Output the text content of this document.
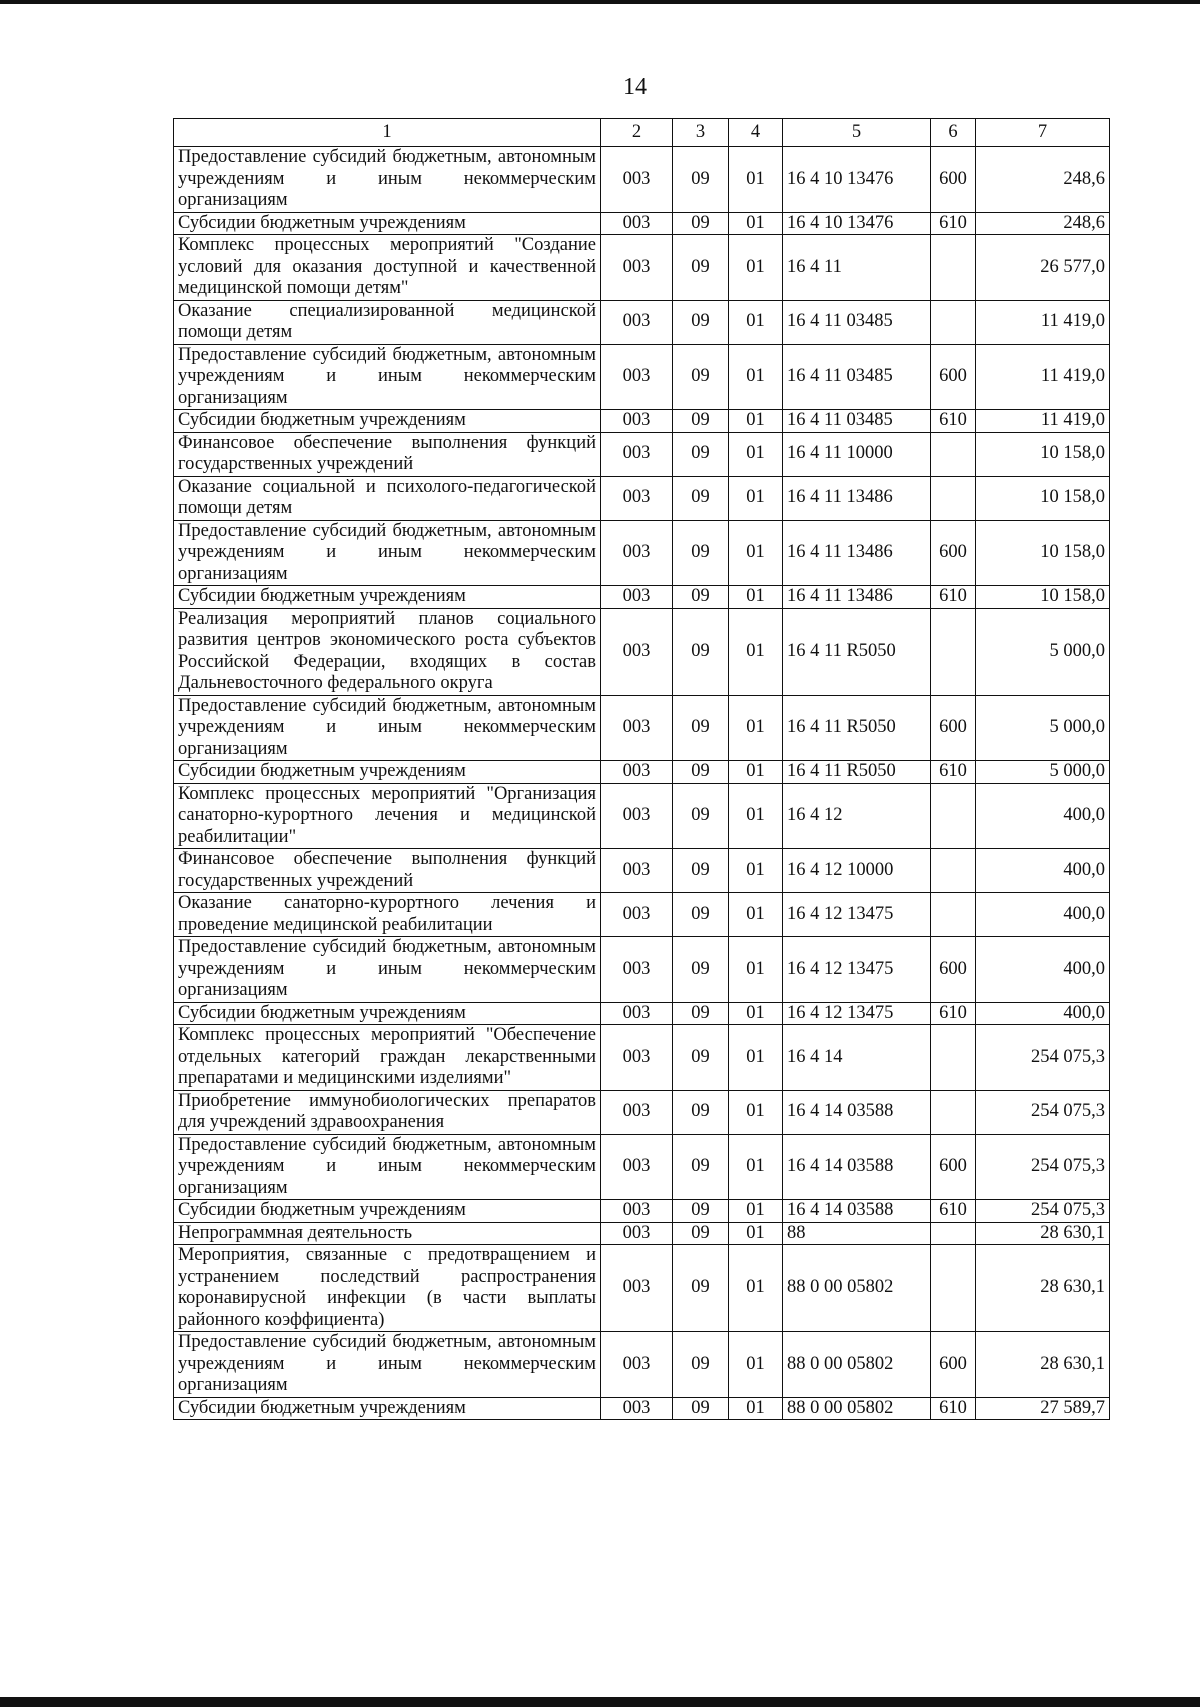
14
1	2	3	4	5	6	7
Предоставление субсидий бюджетным, автономным учреждениям и иным некоммерческим организациям	003	09	01	16 4 10 13476	600	248,6
Субсидии бюджетным учреждениям	003	09	01	16 4 10 13476	610	248,6
Комплекс процессных мероприятий "Создание условий для оказания доступной и качественной медицинской помощи детям"	003	09	01	16 4 11		26 577,0
Оказание специализированной медицинской помощи детям	003	09	01	16 4 11 03485		11 419,0
Предоставление субсидий бюджетным, автономным учреждениям и иным некоммерческим организациям	003	09	01	16 4 11 03485	600	11 419,0
Субсидии бюджетным учреждениям	003	09	01	16 4 11 03485	610	11 419,0
Финансовое обеспечение выполнения функций государственных учреждений	003	09	01	16 4 11 10000		10 158,0
Оказание социальной и психолого-педагогической помощи детям	003	09	01	16 4 11 13486		10 158,0
Предоставление субсидий бюджетным, автономным учреждениям и иным некоммерческим организациям	003	09	01	16 4 11 13486	600	10 158,0
Субсидии бюджетным учреждениям	003	09	01	16 4 11 13486	610	10 158,0
Реализация мероприятий планов социального развития центров экономического роста субъектов Российской Федерации, входящих в состав Дальневосточного федерального округа	003	09	01	16 4 11 R5050		5 000,0
Предоставление субсидий бюджетным, автономным учреждениям и иным некоммерческим организациям	003	09	01	16 4 11 R5050	600	5 000,0
Субсидии бюджетным учреждениям	003	09	01	16 4 11 R5050	610	5 000,0
Комплекс процессных мероприятий "Организация санаторно-курортного лечения и медицинской реабилитации"	003	09	01	16 4 12		400,0
Финансовое обеспечение выполнения функций государственных учреждений	003	09	01	16 4 12 10000		400,0
Оказание санаторно-курортного лечения и проведение медицинской реабилитации	003	09	01	16 4 12 13475		400,0
Предоставление субсидий бюджетным, автономным учреждениям и иным некоммерческим организациям	003	09	01	16 4 12 13475	600	400,0
Субсидии бюджетным учреждениям	003	09	01	16 4 12 13475	610	400,0
Комплекс процессных мероприятий "Обеспечение отдельных категорий граждан лекарственными препаратами и медицинскими изделиями"	003	09	01	16 4 14		254 075,3
Приобретение иммунобиологических препаратов для учреждений здравоохранения	003	09	01	16 4 14 03588		254 075,3
Предоставление субсидий бюджетным, автономным учреждениям и иным некоммерческим организациям	003	09	01	16 4 14 03588	600	254 075,3
Субсидии бюджетным учреждениям	003	09	01	16 4 14 03588	610	254 075,3
Непрограммная деятельность	003	09	01	88		28 630,1
Мероприятия, связанные с предотвращением и устранением последствий распространения коронавирусной инфекции (в части выплаты районного коэффициента)	003	09	01	88 0 00 05802		28 630,1
Предоставление субсидий бюджетным, автономным учреждениям и иным некоммерческим организациям	003	09	01	88 0 00 05802	600	28 630,1
Субсидии бюджетным учреждениям	003	09	01	88 0 00 05802	610	27 589,7
